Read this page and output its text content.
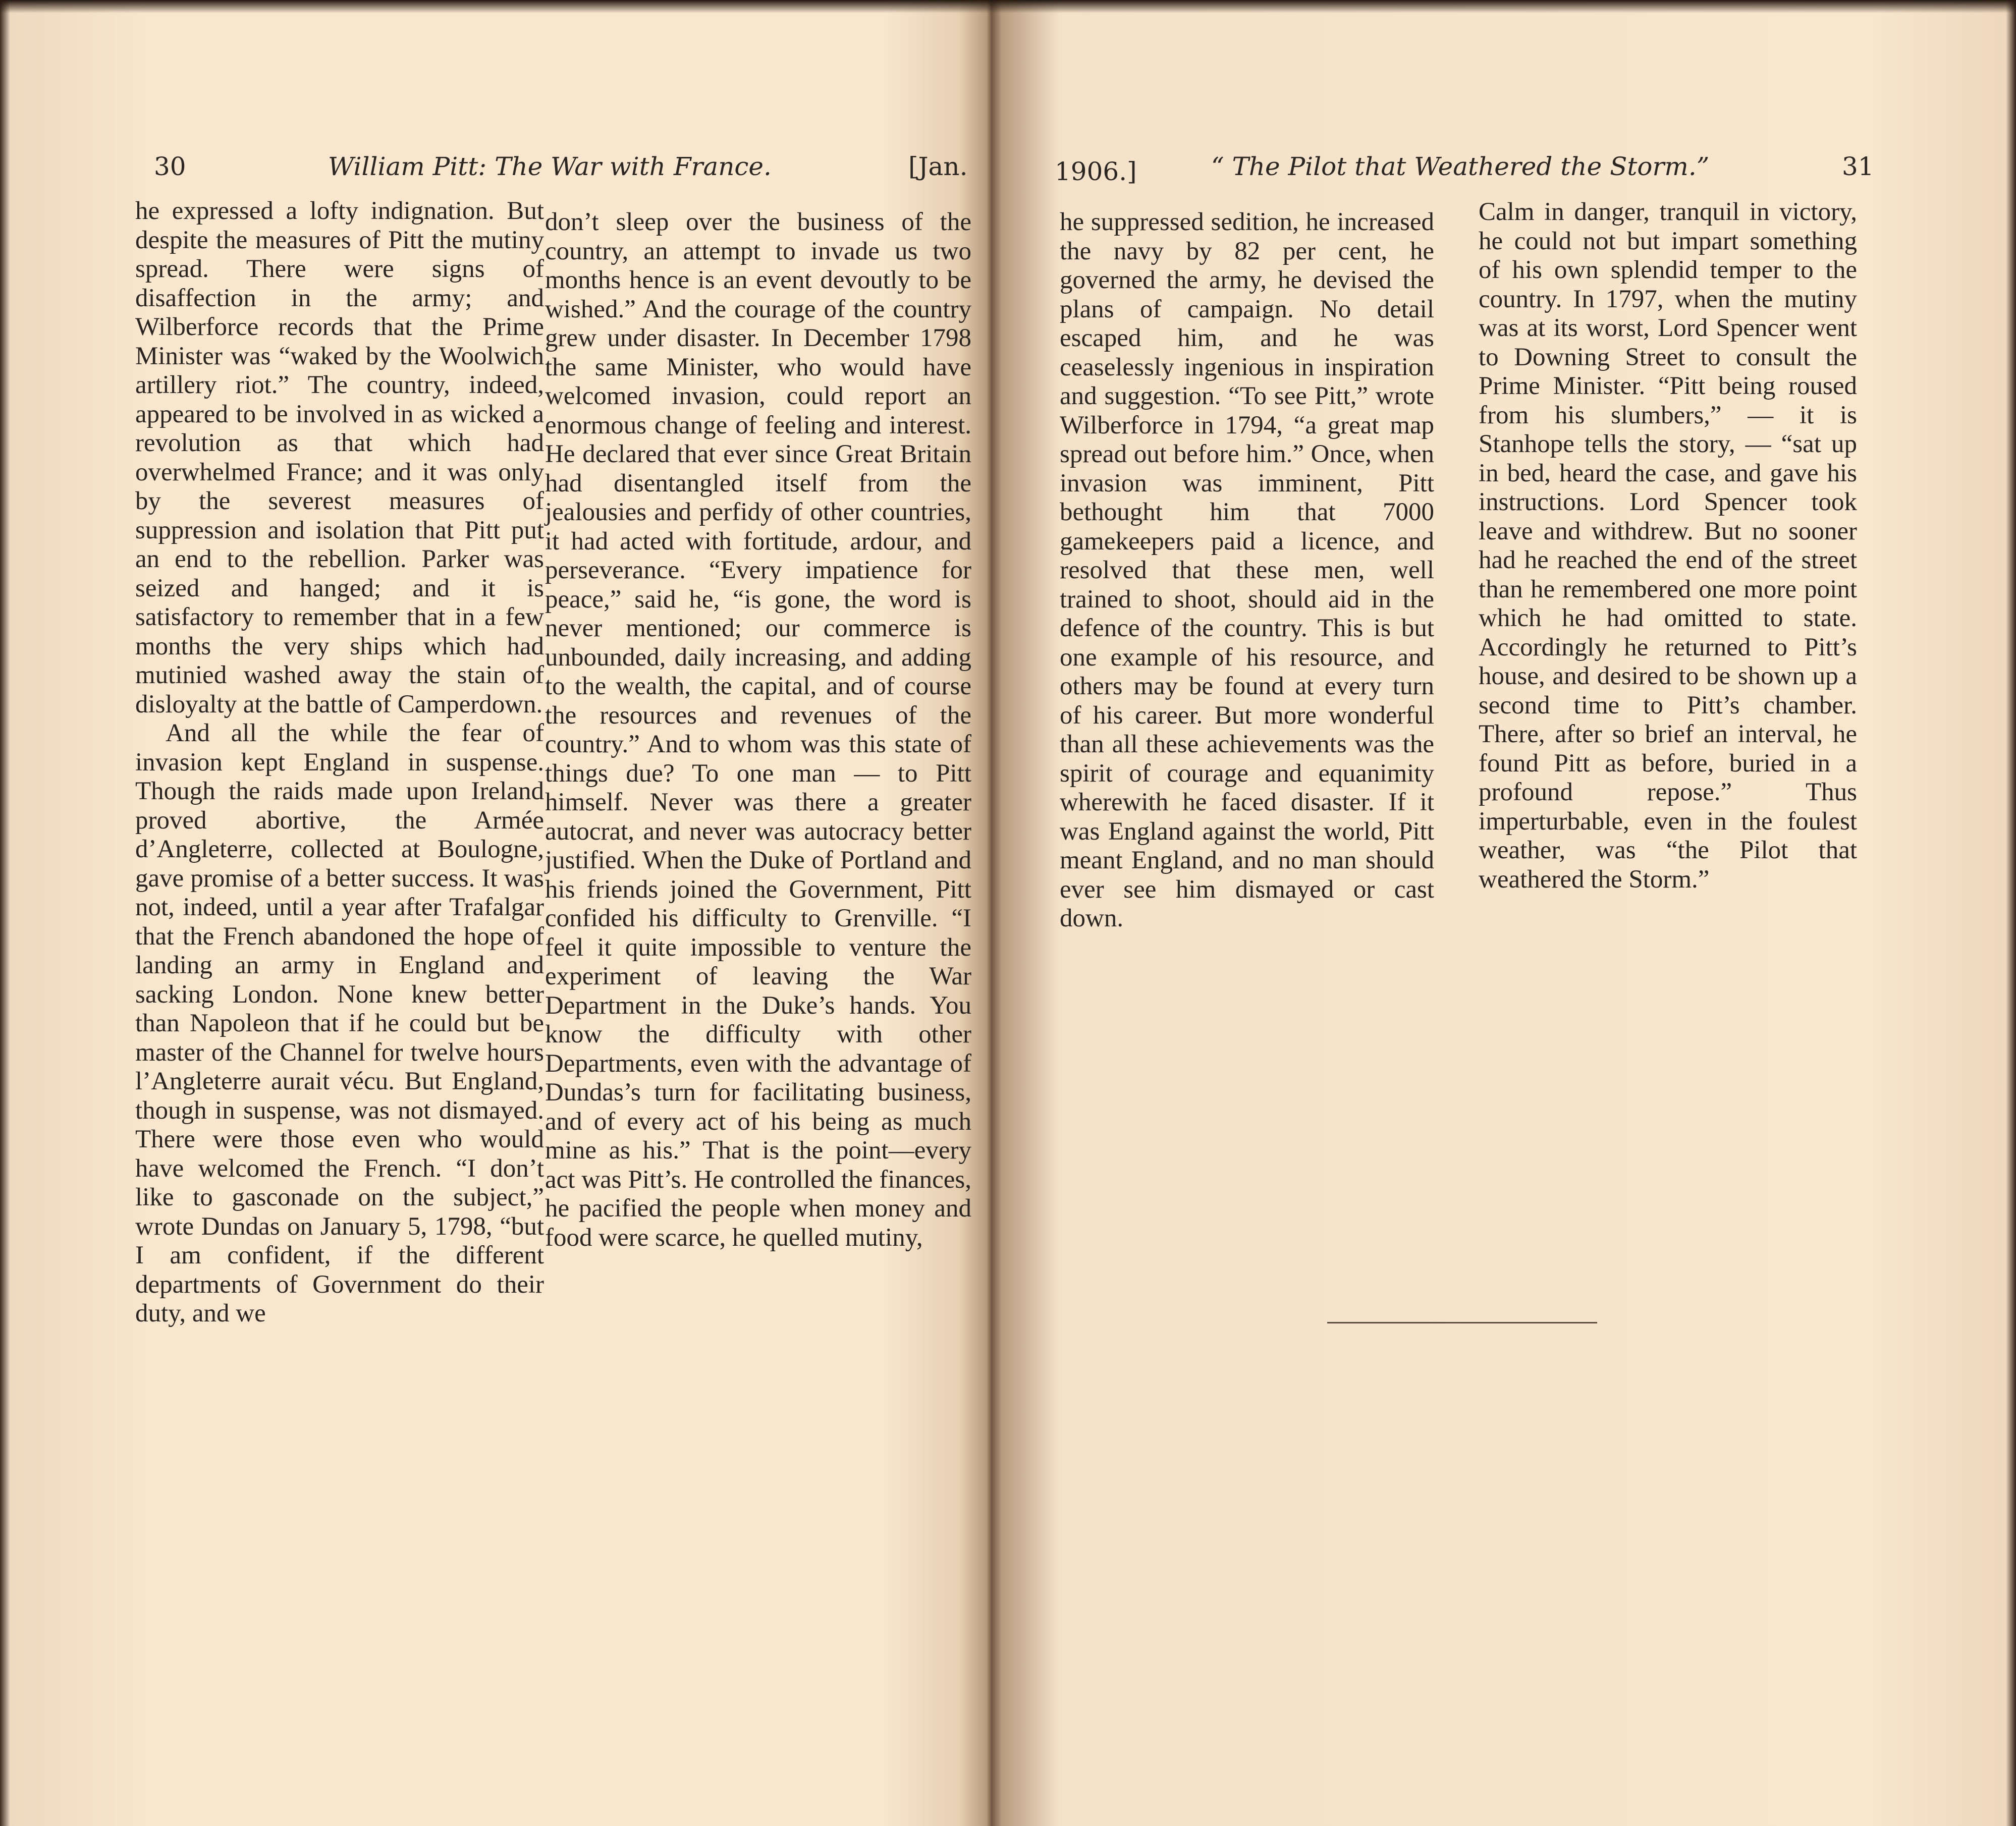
30	William Pitt: The War with France.	[Jan.

he expressed a lofty indignation. But despite the measures of Pitt the mutiny spread. There were signs of disaffection in the army; and Wilberforce records that the Prime Minister was “waked by the Woolwich artillery riot.” The country, indeed, appeared to be involved in as wicked a revolution as that which had overwhelmed France; and it was only by the severest measures of suppression and isolation that Pitt put an end to the rebellion. Parker was seized and hanged; and it is satisfactory to remember that in a few months the very ships which had mutinied washed away the stain of disloyalty at the battle of Camperdown.

And all the while the fear of invasion kept England in suspense. Though the raids made upon Ireland proved abortive, the Armée d’Angleterre, collected at Boulogne, gave promise of a better success. It was not, indeed, until a year after Trafalgar that the French abandoned the hope of landing an army in England and sacking London. None knew better than Napoleon that if he could but be master of the Channel for twelve hours l’Angleterre aurait vécu. But England, though in suspense, was not dismayed. There were those even who would have welcomed the French. “I don’t like to gasconade on the subject,” wrote Dundas on January 5, 1798, “but I am confident, if the different departments of Government do their duty, and we

don’t sleep over the business of the country, an attempt to invade us two months hence is an event devoutly to be wished.” And the courage of the country grew under disaster. In December 1798 the same Minister, who would have welcomed invasion, could report an enormous change of feeling and interest. He declared that ever since Great Britain had disentangled itself from the jealousies and perfidy of other countries, it had acted with fortitude, ardour, and perseverance. “Every impatience for peace,” said he, “is gone, the word is never mentioned; our commerce is unbounded, daily increasing, and adding to the wealth, the capital, and of course the resources and revenues of the country.” And to whom was this state of things due? To one man — to Pitt himself. Never was there a greater autocrat, and never was autocracy better justified. When the Duke of Portland and his friends joined the Government, Pitt confided his difficulty to Grenville. “I feel it quite impossible to venture the experiment of leaving the War Department in the Duke’s hands. You know the difficulty with other Departments, even with the advantage of Dundas’s turn for facilitating business, and of every act of his being as much mine as his.” That is the point—every act was Pitt’s. He controlled the finances, he pacified the people when money and food were scarce, he quelled mutiny,

1906.]	“ The Pilot that Weathered the Storm.”	31

he suppressed sedition, he increased the navy by 82 per cent, he governed the army, he devised the plans of campaign. No detail escaped him, and he was ceaselessly ingenious in inspiration and suggestion. “To see Pitt,” wrote Wilberforce in 1794, “a great map spread out before him.” Once, when invasion was imminent, Pitt bethought him that 7000 gamekeepers paid a licence, and resolved that these men, well trained to shoot, should aid in the defence of the country. This is but one example of his resource, and others may be found at every turn of his career. But more wonderful than all these achievements was the spirit of courage and equanimity wherewith he faced disaster. If it was England against the world, Pitt meant England, and no man should ever see him dismayed or cast down.

Calm in danger, tranquil in victory, he could not but impart something of his own splendid temper to the country. In 1797, when the mutiny was at its worst, Lord Spencer went to Downing Street to consult the Prime Minister. “Pitt being roused from his slumbers,” — it is Stanhope tells the story, — “sat up in bed, heard the case, and gave his instructions. Lord Spencer took leave and withdrew. But no sooner had he reached the end of the street than he remembered one more point which he had omitted to state. Accordingly he returned to Pitt’s house, and desired to be shown up a second time to Pitt’s chamber. There, after so brief an interval, he found Pitt as before, buried in a profound repose.” Thus imperturbable, even in the foulest weather, was “the Pilot that weathered the Storm.”
